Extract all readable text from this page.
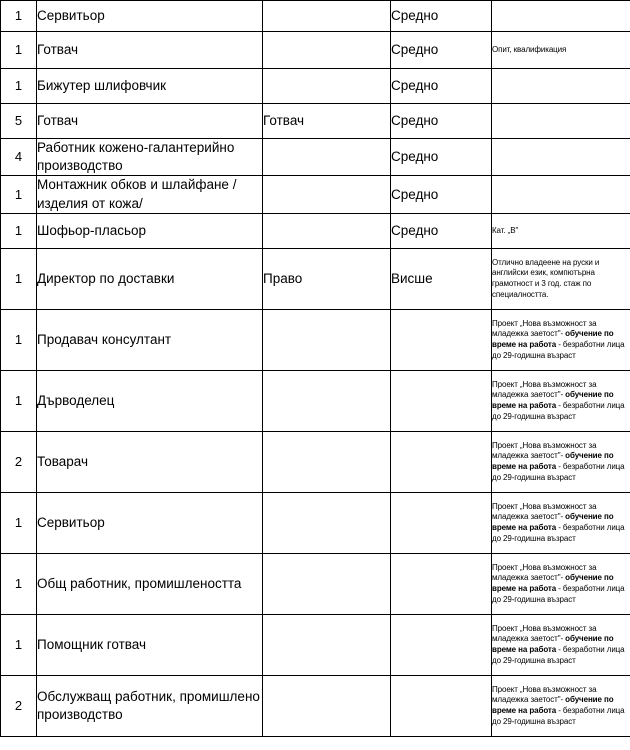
1	Сервитьор		Средно	
1	Готвач		Средно	Опит, квалификация
1	Бижутер шлифовчик		Средно	
5	Готвач	Готвач	Средно	
4	Работник кожено-галантерийно производство		Средно	
1	Монтажник обков и шлайфане /изделия от кожа/		Средно	
1	Шофьор-пласьор		Средно	Кат. „В"
1	Директор по доставки	Право	Висше	Отлично владеене на руски и английски език, компютърна грамотност и 3 год. стаж по специалността.
1	Продавач консултант			Проект „Нова възможност за младежка заетост"- обучение по време на работа - безработни лица до 29-годишна възраст
1	Дърводелец			Проект „Нова възможност за младежка заетост"- обучение по време на работа - безработни лица до 29-годишна възраст
2	Товарач			Проект „Нова възможност за младежка заетост"- обучение по време на работа - безработни лица до 29-годишна възраст
1	Сервитьор			Проект „Нова възможност за младежка заетост"- обучение по време на работа - безработни лица до 29-годишна възраст
1	Общ работник, промишлеността			Проект „Нова възможност за младежка заетост"- обучение по време на работа - безработни лица до 29-годишна възраст
1	Помощник готвач			Проект „Нова възможност за младежка заетост"- обучение по време на работа - безработни лица до 29-годишна възраст
2	Обслужващ работник, промишлено производство			Проект „Нова възможност за младежка заетост"- обучение по време на работа - безработни лица до 29-годишна възраст
